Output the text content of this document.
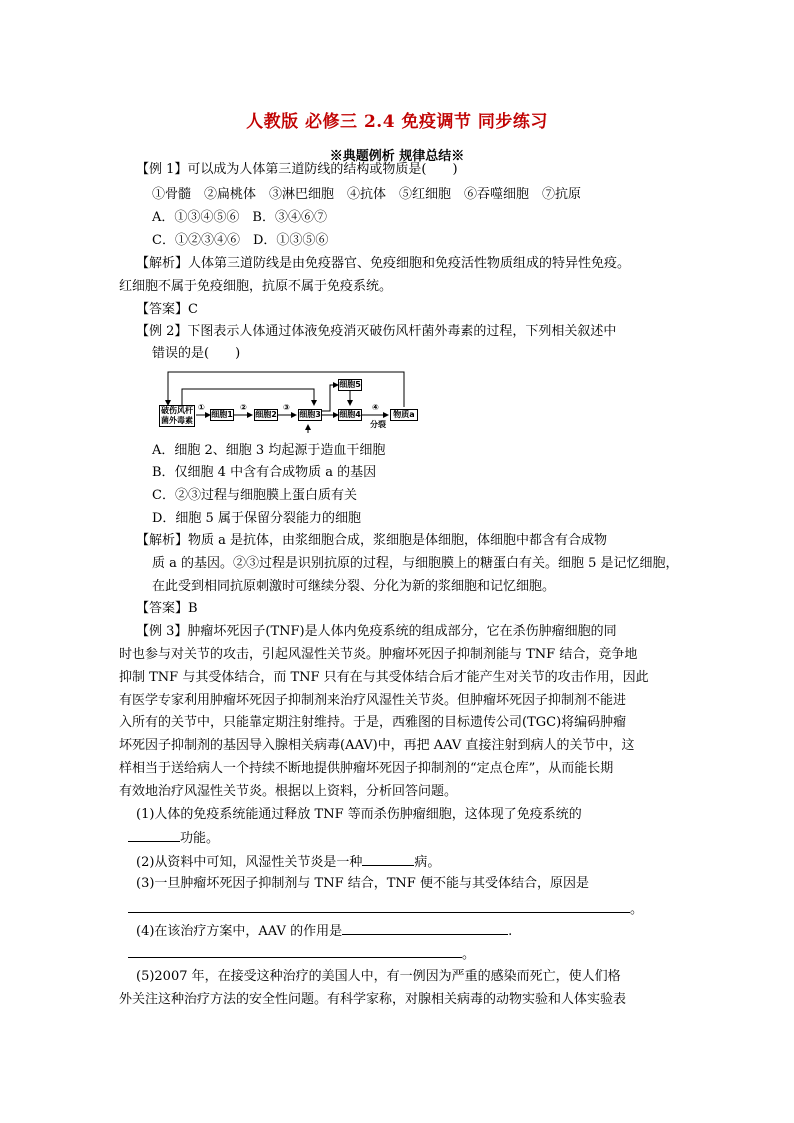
人教版 必修三 2.4 免疫调节 同步练习
※典题例析 规律总结※
【例 1】可以成为人体第三道防线的结构或物质是(　　)
①骨髓　②扁桃体　③淋巴细胞　④抗体　⑤红细胞　⑥吞噬细胞　⑦抗原
A．①③④⑤⑥　B．③④⑥⑦
C．①②③④⑥　D．①③⑤⑥
【解析】人体第三道防线是由免疫器官、免疫细胞和免疫活性物质组成的特异性免疫。
红细胞不属于免疫细胞，抗原不属于免疫系统。
【答案】C
【例 2】下图表示人体通过体液免疫消灭破伤风杆菌外毒素的过程，下列相关叙述中
错误的是(　　)
破伤风杆菌外毒素
细胞1	细胞2	细胞3 细胞4	物质a
细胞5
①	②	③	④
分裂
A．细胞 2、细胞 3 均起源于造血干细胞
B．仅细胞 4 中含有合成物质 a 的基因
C．②③过程与细胞膜上蛋白质有关
D．细胞 5 属于保留分裂能力的细胞
【解析】物质 a 是抗体，由浆细胞合成，浆细胞是体细胞，体细胞中都含有合成物
质 a 的基因。②③过程是识别抗原的过程，与细胞膜上的糖蛋白有关。细胞 5 是记忆细胞，
在此受到相同抗原刺激时可继续分裂、分化为新的浆细胞和记忆细胞。
【答案】B
【例 3】肿瘤坏死因子(TNF)是人体内免疫系统的组成部分，它在杀伤肿瘤细胞的同
时也参与对关节的攻击，引起风湿性关节炎。肿瘤坏死因子抑制剂能与 TNF 结合，竞争地
抑制 TNF 与其受体结合，而 TNF 只有在与其受体结合后才能产生对关节的攻击作用，因此
有医学专家利用肿瘤坏死因子抑制剂来治疗风湿性关节炎。但肿瘤坏死因子抑制剂不能进
入所有的关节中，只能靠定期注射维持。于是，西雅图的目标遗传公司(TGC)将编码肿瘤
坏死因子抑制剂的基因导入腺相关病毒(AAV)中，再把 AAV 直接注射到病人的关节中，这
样相当于送给病人一个持续不断地提供肿瘤坏死因子抑制剂的“定点仓库”，从而能长期
有效地治疗风湿性关节炎。根据以上资料，分析回答问题。
(1)人体的免疫系统能通过释放 TNF 等而杀伤肿瘤细胞，这体现了免疫系统的
功能。
(2)从资料中可知，风湿性关节炎是一种	病。
(3)一旦肿瘤坏死因子抑制剂与 TNF 结合，TNF 便不能与其受体结合，原因是
。
(4)在该治疗方案中，AAV 的作用是	.
。
(5)2007 年，在接受这种治疗的美国人中，有一例因为严重的感染而死亡，使人们格
外关注这种治疗方法的安全性问题。有科学家称，对腺相关病毒的动物实验和人体实验表
